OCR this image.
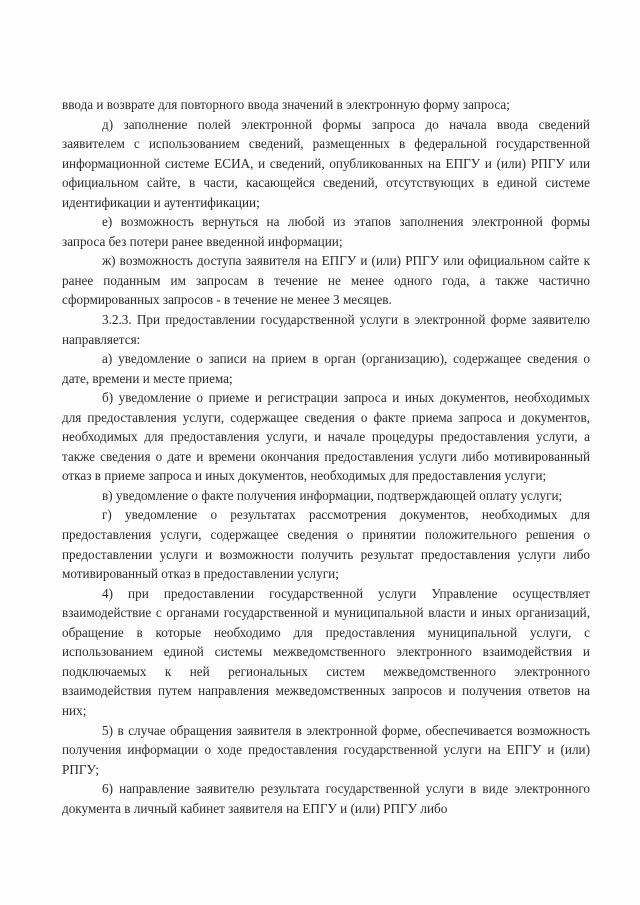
ввода и возврате для повторного ввода значений в электронную форму запроса;

д) заполнение полей электронной формы запроса до начала ввода сведений заявителем с использованием сведений, размещенных в федеральной государственной информационной системе ЕСИА, и сведений, опубликованных на ЕПГУ и (или) РПГУ или официальном сайте, в части, касающейся сведений, отсутствующих в единой системе идентификации и аутентификации;

е) возможность вернуться на любой из этапов заполнения электронной формы запроса без потери ранее введенной информации;

ж) возможность доступа заявителя на ЕПГУ и (или) РПГУ или официальном сайте к ранее поданным им запросам в течение не менее одного года, а также частично сформированных запросов - в течение не менее 3 месяцев.

3.2.3. При предоставлении государственной услуги в электронной форме заявителю направляется:

а) уведомление о записи на прием в орган (организацию), содержащее сведения о дате, времени и месте приема;

б) уведомление о приеме и регистрации запроса и иных документов, необходимых для предоставления услуги, содержащее сведения о факте приема запроса и документов, необходимых для предоставления услуги, и начале процедуры предоставления услуги, а также сведения о дате и времени окончания предоставления услуги либо мотивированный отказ в приеме запроса и иных документов, необходимых для предоставления услуги;

в) уведомление о факте получения информации, подтверждающей оплату услуги;

г) уведомление о результатах рассмотрения документов, необходимых для предоставления услуги, содержащее сведения о принятии положительного решения о предоставлении услуги и возможности получить результат предоставления услуги либо мотивированный отказ в предоставлении услуги;

4) при предоставлении государственной услуги Управление осуществляет взаимодействие с органами государственной и муниципальной власти и иных организаций, обращение в которые необходимо для предоставления муниципальной услуги, с использованием единой системы межведомственного электронного взаимодействия и подключаемых к ней региональных систем межведомственного электронного взаимодействия путем направления межведомственных запросов и получения ответов на них;

5) в случае обращения заявителя в электронной форме, обеспечивается возможность получения информации о ходе предоставления государственной услуги на ЕПГУ и (или) РПГУ;

6) направление заявителю результата государственной услуги в виде электронного документа в личный кабинет заявителя на ЕПГУ и (или) РПГУ либо
